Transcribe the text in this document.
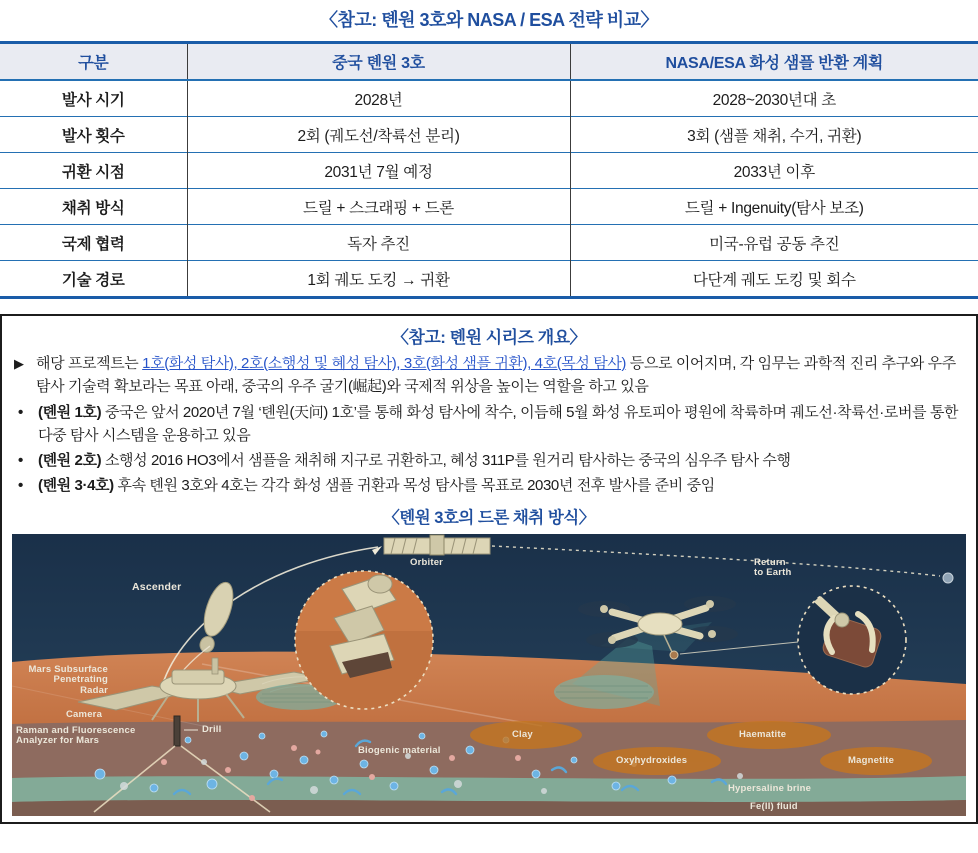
〈참고: 톈원 3호와 NASA / ESA 전략 비교〉
구분	중국 톈원 3호	NASA/ESA 화성 샘플 반환 계획
발사 시기	2028년	2028~2030년대 초
발사 횟수	2회 (궤도선/착륙선 분리)	3회 (샘플 채취, 수거, 귀환)
귀환 시점	2031년 7월 예정	2033년 이후
채취 방식	드릴 + 스크래핑 + 드론	드릴 + Ingenuity(탐사 보조)
국제 협력	독자 추진	미국-유럽 공동 추진
기술 경로	1회 궤도 도킹 → 귀환	다단계 궤도 도킹 및 회수
〈참고: 톈원 시리즈 개요〉
▶ 해당 프로젝트는 1호(화성 탐사), 2호(소행성 및 혜성 탐사), 3호(화성 샘플 귀환), 4호(목성 탐사) 등으로 이어지며, 각 임무는 과학적 진리 추구와 우주 탐사 기술력 확보라는 목표 아래, 중국의 우주 굴기(崛起)와 국제적 위상을 높이는 역할을 하고 있음
•	(톈원 1호) 중국은 앞서 2020년 7월 ‘톈원(天问) 1호’를 통해 화성 탐사에 착수, 이듬해 5월 화성 유토피아 평원에 착륙하며 궤도선·착륙선·로버를 통한 다중 탐사 시스템을 운용하고 있음
•	(톈원 2호) 소행성 2016 HO3에서 샘플을 채취해 지구로 귀환하고, 혜성 311P를 원거리 탐사하는 중국의 심우주 탐사 수행
•	(톈원 3·4호) 후속 톈원 3호와 4호는 각각 화성 샘플 귀환과 목성 탐사를 목표로 2030년 전후 발사를 준비 중임
〈톈원 3호의 드론 채취 방식〉
Orbiter	Return
to Earth
Ascender
Mars Subsurface
Penetrating
Radar
Camera
Raman and Fluorescence
Analyzer for Mars
Drill
Biogenic material
Clay	Haematite
Oxyhydroxides	Magnetite
Hypersaline brine
Fe(II) fluid
